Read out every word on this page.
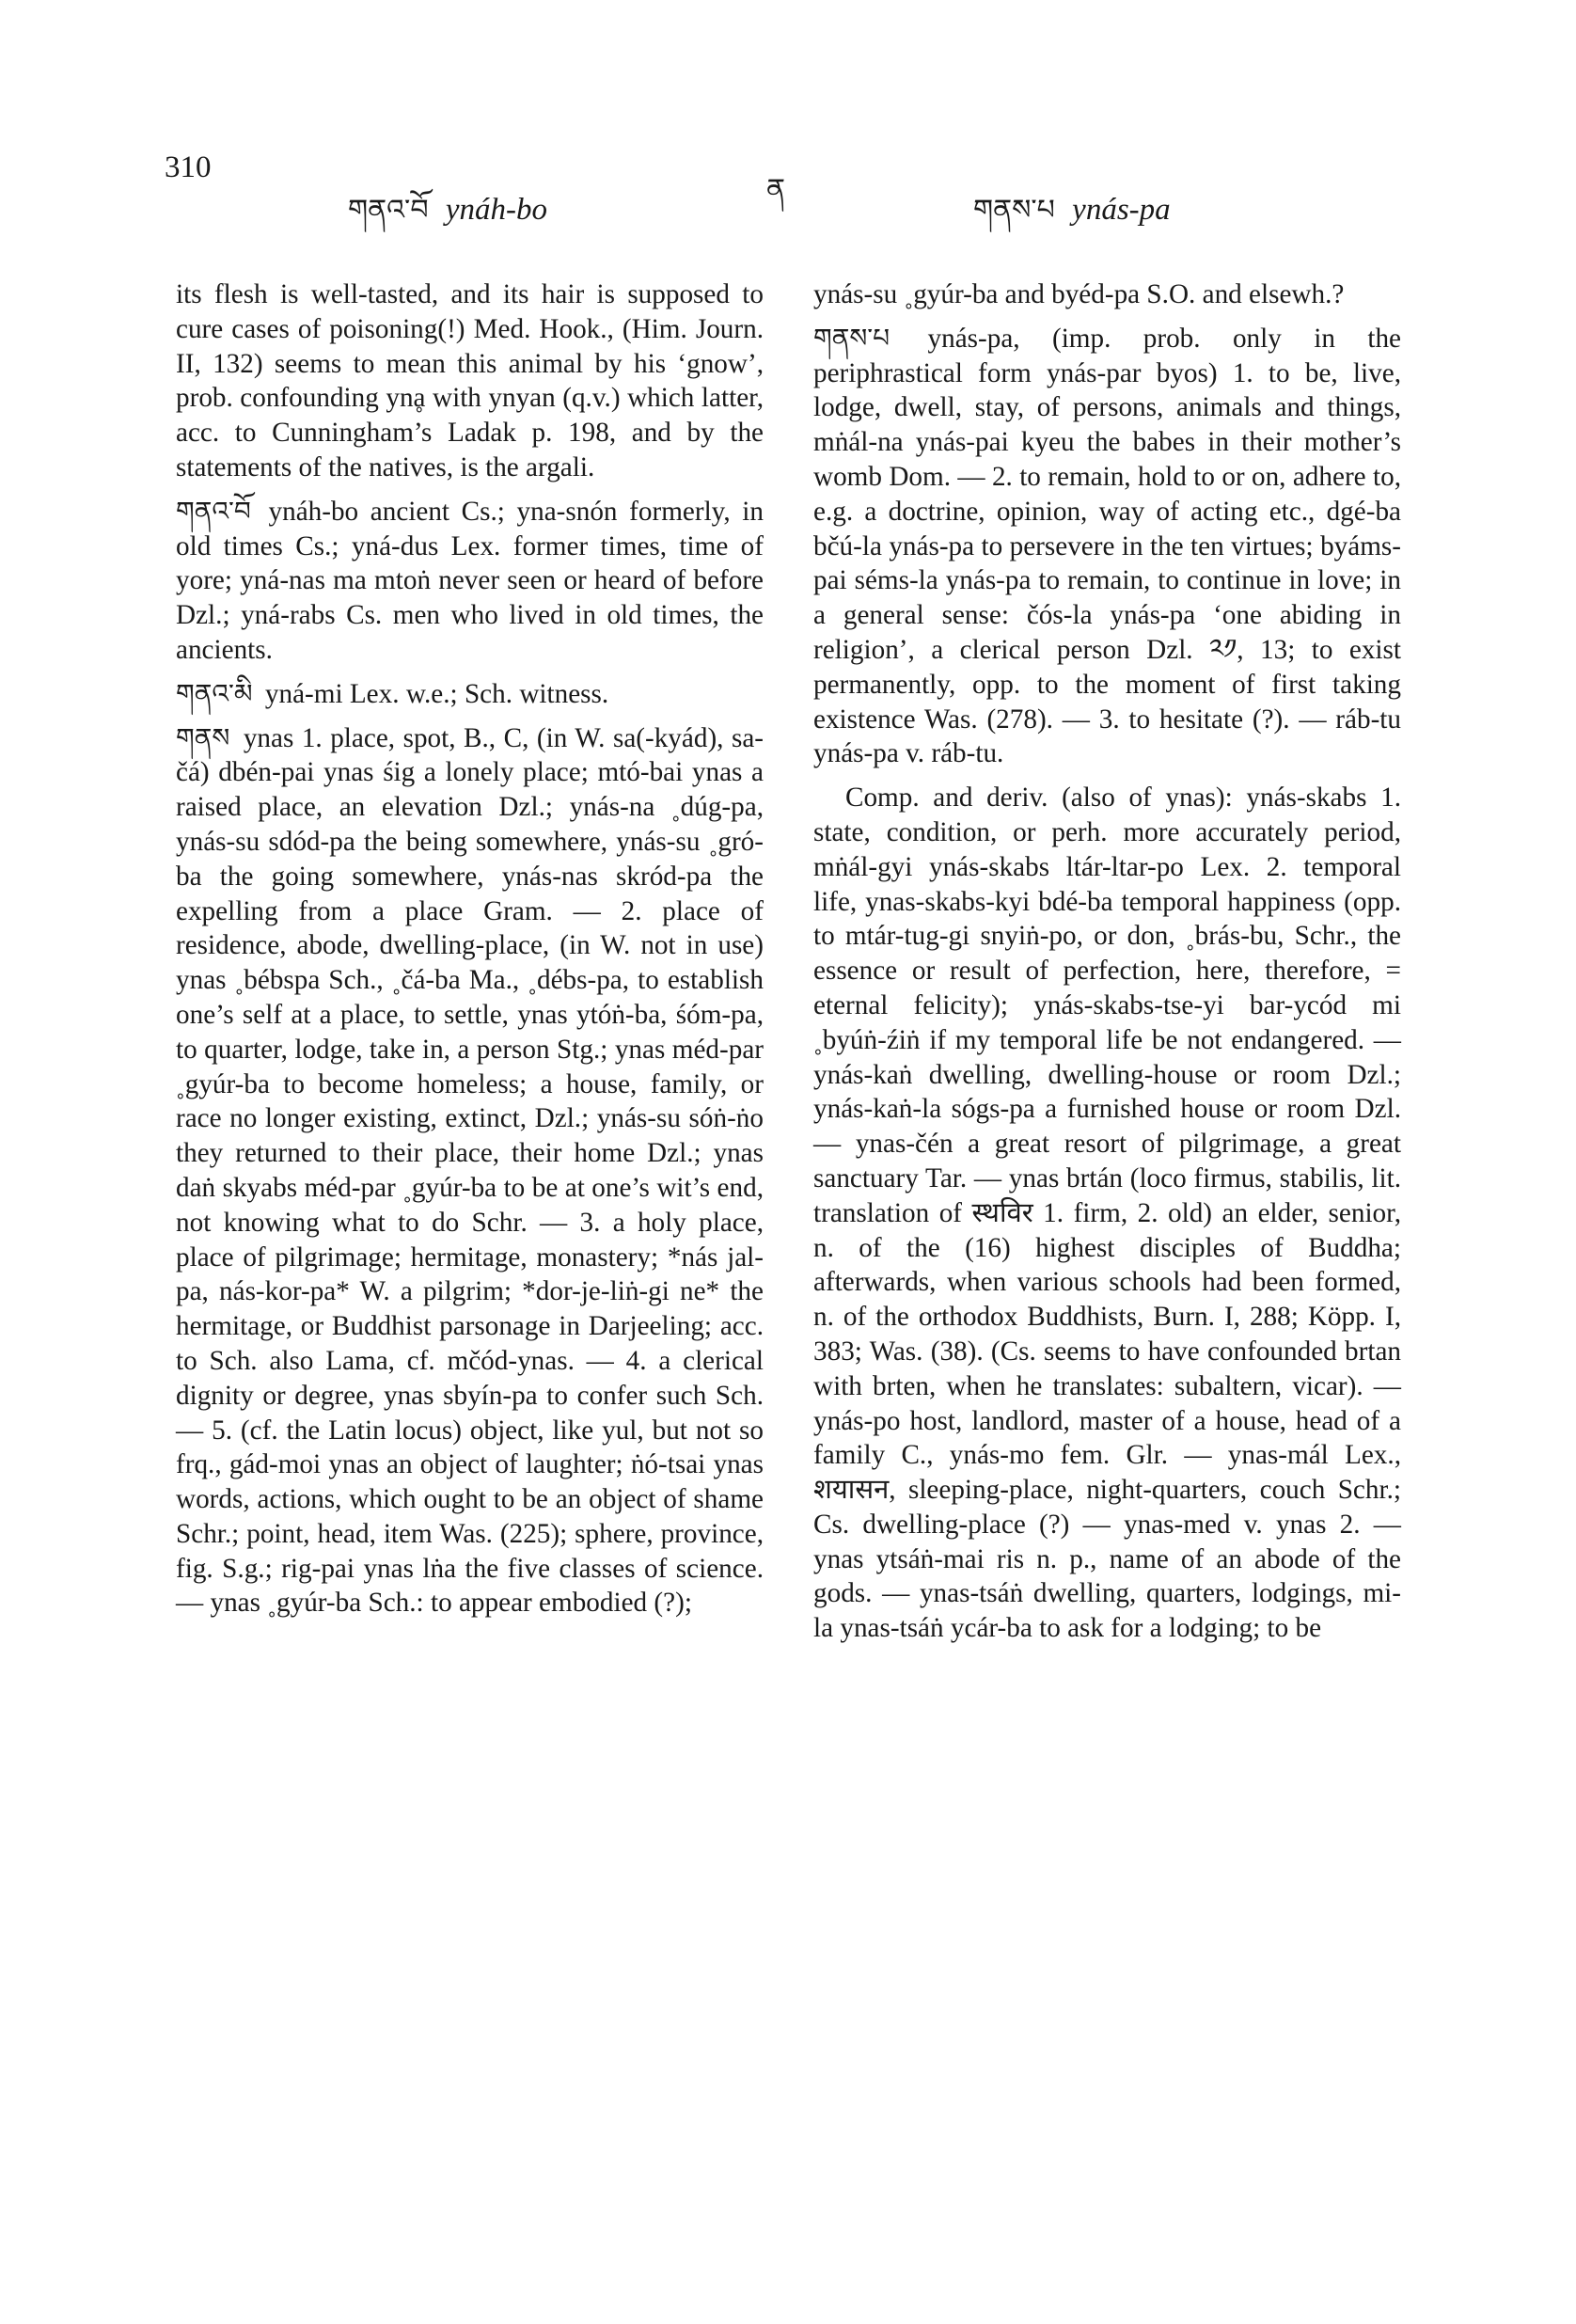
310
གནའ་བོ ynáh-bo
ན
གནས་པ ynás-pa

its flesh is well-tasted, and its hair is supposed to cure cases of poisoning(!) Med. Hook., (Him. Journ. II, 132) seems to mean this animal by his ‘gnow’, prob. confounding ynḁ with ynyan (q.v.) which latter, acc. to Cunningham’s Ladak p. 198, and by the statements of the natives, is the argali.

གནའ་བོ ynáh-bo ancient Cs.; yna-snón formerly, in old times Cs.; yná-dus Lex. former times, time of yore; yná-nas ma mtoṅ never seen or heard of before Dzl.; yná-rabs Cs. men who lived in old times, the ancients.

གནའ་མི yná-mi Lex. w.e.; Sch. witness.

གནས ynas 1. place, spot, B., C, (in W. sa(-kyád), sa-čá) dbén-pai ynas śig a lonely place; mtó-bai ynas a raised place, an elevation Dzl.; ynás-na ˳dúg-pa, ynás-su sdód-pa the being somewhere, ynás-su ˳gró-ba the going somewhere, ynás-nas skród-pa the expelling from a place Gram. — 2. place of residence, abode, dwelling-place, (in W. not in use) ynas ˳bébspa Sch., ˳čá-ba Ma., ˳débs-pa, to establish one’s self at a place, to settle, ynas ytóṅ-ba, śóm-pa, to quarter, lodge, take in, a person Stg.; ynas méd-par ˳gyúr-ba to become homeless; a house, family, or race no longer existing, extinct, Dzl.; ynás-su sóṅ-ṅo they returned to their place, their home Dzl.; ynas daṅ skyabs méd-par ˳gyúr-ba to be at one’s wit’s end, not knowing what to do Schr. — 3. a holy place, place of pilgrimage; hermitage, monastery; *nás jal-pa, nás-kor-pa* W. a pilgrim; *dor-je-liṅ-gi ne* the hermitage, or Buddhist parsonage in Darjeeling; acc. to Sch. also Lama, cf. mčód-ynas. — 4. a clerical dignity or degree, ynas sbyín-pa to confer such Sch. — 5. (cf. the Latin locus) object, like yul, but not so frq., gád-moi ynas an object of laughter; ṅó-tsai ynas words, actions, which ought to be an object of shame Schr.; point, head, item Was. (225); sphere, province, fig. S.g.; rig-pai ynas lṅa the five classes of science. — ynas ˳gyúr-ba Sch.: to appear embodied (?);

ynás-su ˳gyúr-ba and byéd-pa S.O. and elsewh.?

གནས་པ ynás-pa, (imp. prob. only in the periphrastical form ynás-par byos) 1. to be, live, lodge, dwell, stay, of persons, animals and things, mṅál-na ynás-pai kyeu the babes in their mother’s womb Dom. — 2. to remain, hold to or on, adhere to, e.g. a doctrine, opinion, way of acting etc., dgé-ba bčú-la ynás-pa to persevere in the ten virtues; byáms-pai séms-la ynás-pa to remain, to continue in love; in a general sense: čós-la ynás-pa ‘one abiding in religion’, a clerical person Dzl. ༢༡, 13; to exist permanently, opp. to the moment of first taking existence Was. (278). — 3. to hesitate (?). — ráb-tu ynás-pa v. ráb-tu.

Comp. and deriv. (also of ynas): ynás-skabs 1. state, condition, or perh. more accurately period, mṅál-gyi ynás-skabs ltár-ltar-po Lex. 2. temporal life, ynas-skabs-kyi bdé-ba temporal happiness (opp. to mtár-tug-gi snyiṅ-po, or don, ˳brás-bu, Schr., the essence or result of perfection, here, therefore, = eternal felicity); ynás-skabs-tse-yi bar-ycód mi ˳byúṅ-źiṅ if my temporal life be not endangered. — ynás-kaṅ dwelling, dwelling-house or room Dzl.; ynás-kaṅ-la sógs-pa a furnished house or room Dzl. — ynas-čén a great resort of pilgrimage, a great sanctuary Tar. — ynas brtán (loco firmus, stabilis, lit. translation of स्थविर 1. firm, 2. old) an elder, senior, n. of the (16) highest disciples of Buddha; afterwards, when various schools had been formed, n. of the orthodox Buddhists, Burn. I, 288; Köpp. I, 383; Was. (38). (Cs. seems to have confounded brtan with brten, when he translates: subaltern, vicar). — ynás-po host, landlord, master of a house, head of a family C., ynás-mo fem. Glr. — ynas-mál Lex., शयासन, sleeping-place, night-quarters, couch Schr.; Cs. dwelling-place (?) — ynas-med v. ynas 2. — ynas ytsáṅ-mai ris n. p., name of an abode of the gods. — ynas-tsáṅ dwelling, quarters, lodgings, mi-la ynas-tsáṅ ycár-ba to ask for a lodging; to be
